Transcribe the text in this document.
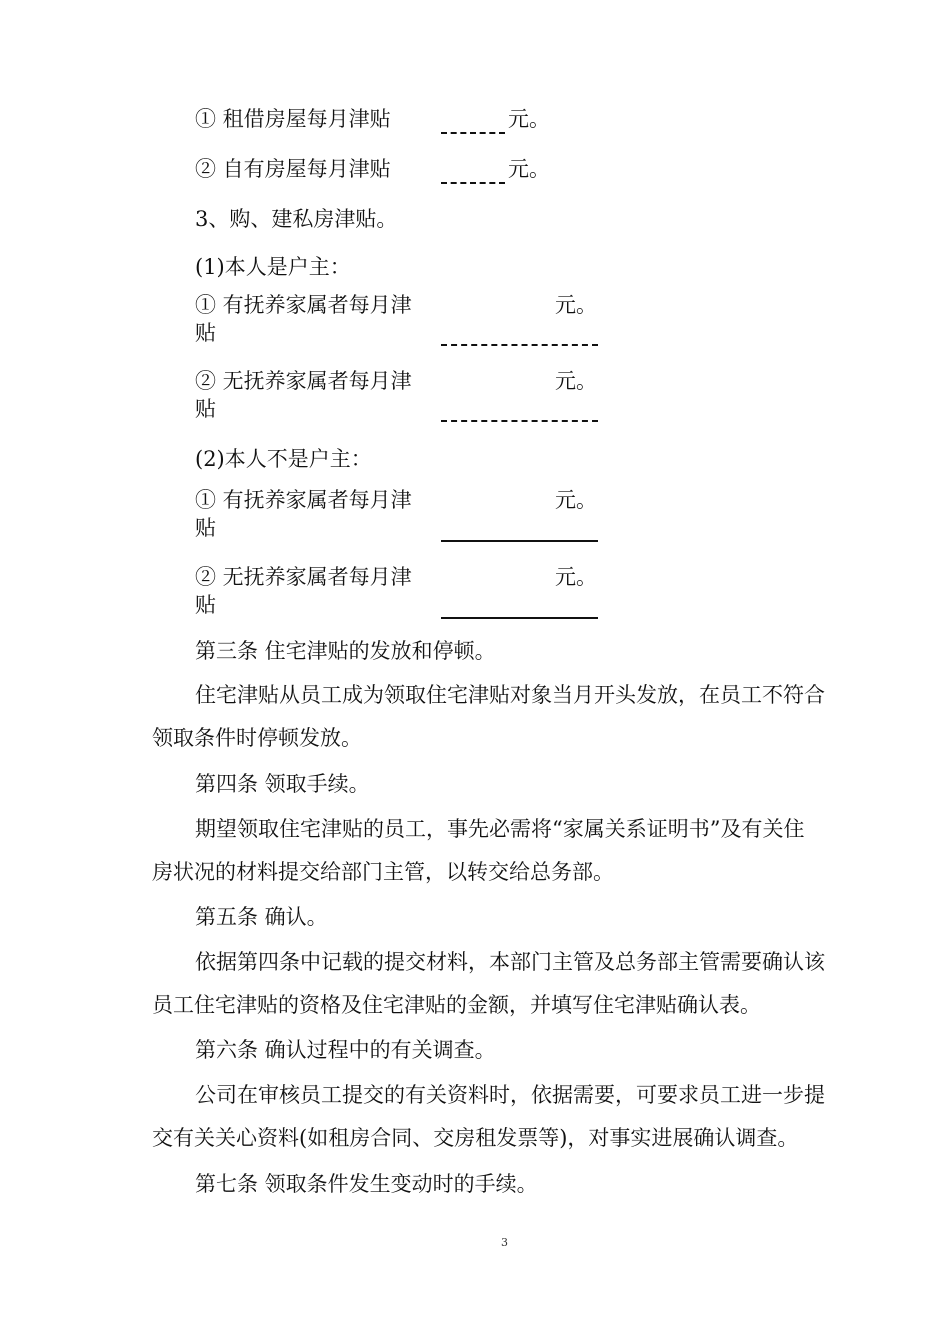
① 租借房屋每月津贴	元。
② 自有房屋每月津贴	元。
3、购、建私房津贴。
(1)本人是户主：
① 有抚养家属者每月津贴
元。
② 无抚养家属者每月津贴
元。
(2)本人不是户主：
① 有抚养家属者每月津贴
元。
② 无抚养家属者每月津贴
元。
第三条 住宅津贴的发放和停顿。
住宅津贴从员工成为领取住宅津贴对象当月开头发放，在员工不符合
领取条件时停顿发放。
第四条 领取手续。
期望领取住宅津贴的员工，事先必需将“家属关系证明书”及有关住
房状况的材料提交给部门主管，以转交给总务部。
第五条 确认。
依据第四条中记载的提交材料，本部门主管及总务部主管需要确认该
员工住宅津贴的资格及住宅津贴的金额，并填写住宅津贴确认表。
第六条 确认过程中的有关调查。
公司在审核员工提交的有关资料时，依据需要，可要求员工进一步提
交有关关心资料(如租房合同、交房租发票等)，对事实进展确认调查。
第七条 领取条件发生变动时的手续。
3
